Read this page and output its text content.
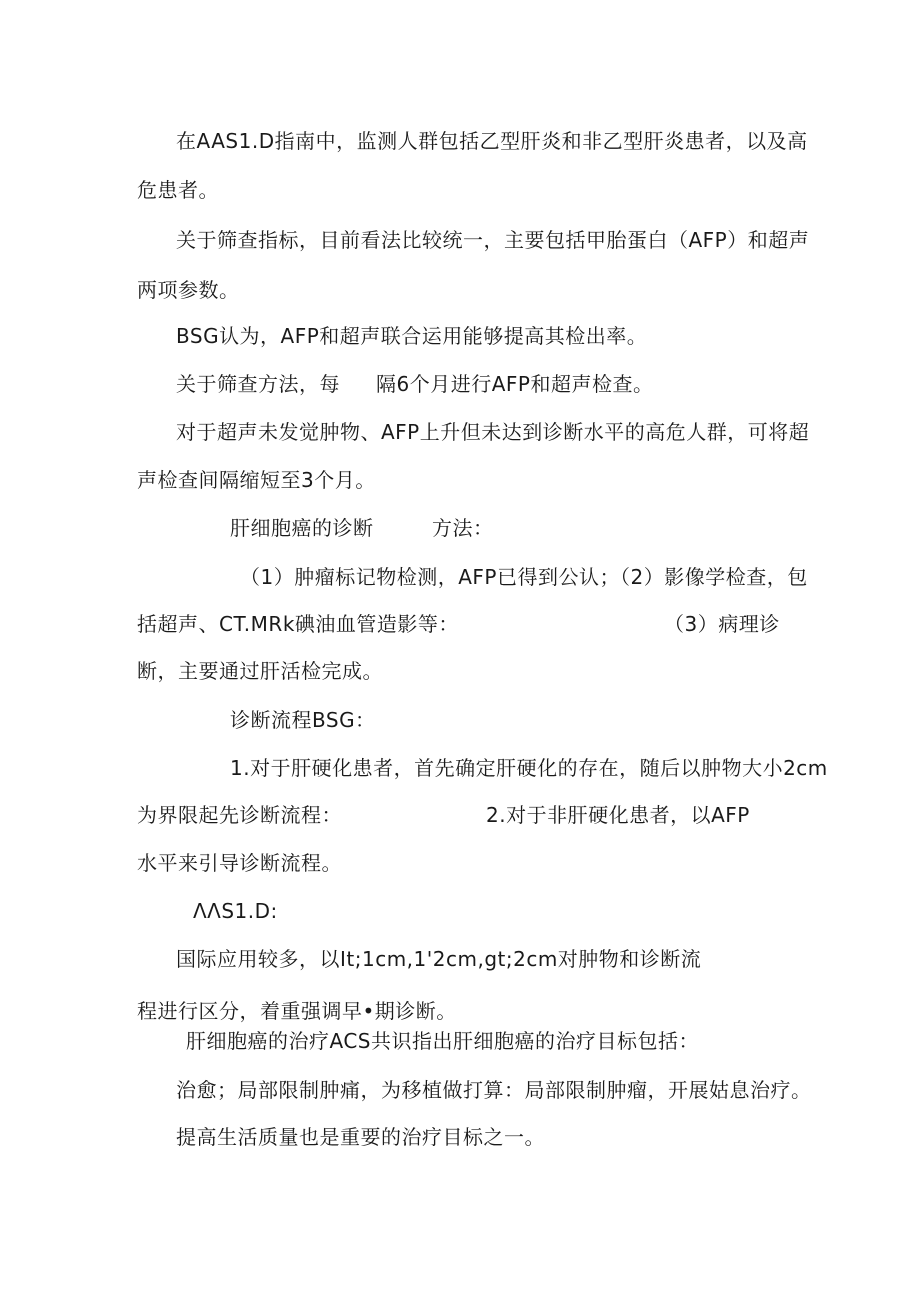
在AAS1.D指南中，监测人群包括乙型肝炎和非乙型肝炎患者，以及高
危患者。
关于筛查指标，目前看法比较统一，主要包括甲胎蛋白（AFP）和超声
两项参数。
BSG认为，AFP和超声联合运用能够提高其检出率。
关于筛查方法，每 隔6个月进行AFP和超声检查。
对于超声未发觉肿物、AFP上升但未达到诊断水平的高危人群，可将超
声检查间隔缩短至3个月。
肝细胞癌的诊断	方法：
（1）肿瘤标记物检测，AFP已得到公认；（2）影像学检查，包
括超声、CT.MRk碘油血管造影等：	（3）病理诊
断，主要通过肝活检完成。
诊断流程BSG：
1.对于肝硬化患者，首先确定肝硬化的存在，随后以肿物大小2cm
为界限起先诊断流程：	2.对于非肝硬化患者，以AFP
水平来引导诊断流程。
ΛΛS1.D:
国际应用较多，以It;1cm,1'2cm,gt;2cm对肿物和诊断流
程进行区分，着重强调早•期诊断。
肝细胞癌的治疗ACS共识指出肝细胞癌的治疗目标包括：
治愈；局部限制肿痛，为移植做打算：局部限制肿瘤，开展姑息治疗。
提高生活质量也是重要的治疗目标之一。
